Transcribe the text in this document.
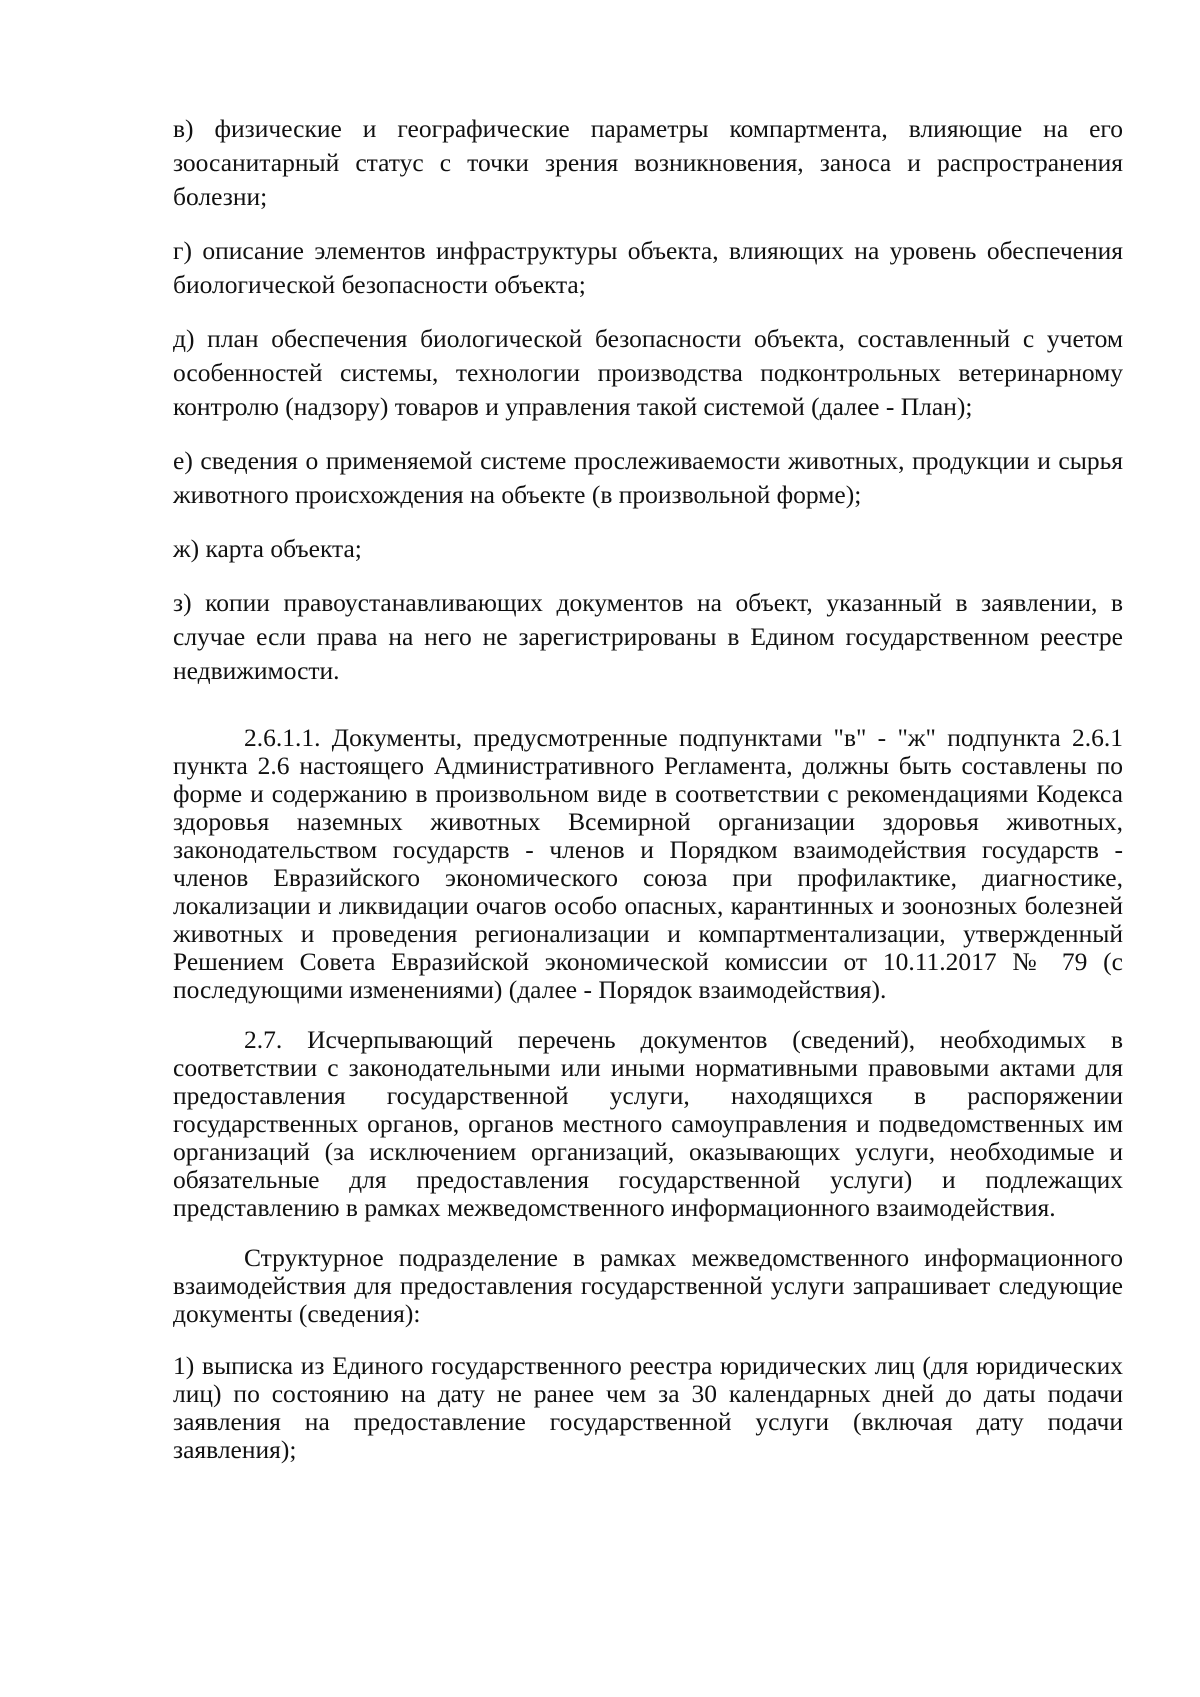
в) физические и географические параметры компартмента, влияющие на его зоосанитарный статус с точки зрения возникновения, заноса и распространения болезни;

г) описание элементов инфраструктуры объекта, влияющих на уровень обеспечения биологической безопасности объекта;

д) план обеспечения биологической безопасности объекта, составленный с учетом особенностей системы, технологии производства подконтрольных ветеринарному контролю (надзору) товаров и управления такой системой (далее - План);

е) сведения о применяемой системе прослеживаемости животных, продукции и сырья животного происхождения на объекте (в произвольной форме);

ж) карта объекта;

з) копии правоустанавливающих документов на объект, указанный в заявлении, в случае если права на него не зарегистрированы в Едином государственном реестре недвижимости.

2.6.1.1. Документы, предусмотренные подпунктами "в" - "ж" подпункта 2.6.1 пункта 2.6 настоящего Административного Регламента, должны быть составлены по форме и содержанию в произвольном виде в соответствии с рекомендациями Кодекса здоровья наземных животных Всемирной организации здоровья животных, законодательством государств - членов и Порядком взаимодействия государств - членов Евразийского экономического союза при профилактике, диагностике, локализации и ликвидации очагов особо опасных, карантинных и зоонозных болезней животных и проведения регионализации и компартментализации, утвержденный Решением Совета Евразийской экономической комиссии от 10.11.2017 № 79 (с последующими изменениями) (далее - Порядок взаимодействия).

2.7. Исчерпывающий перечень документов (сведений), необходимых в соответствии с законодательными или иными нормативными правовыми актами для предоставления государственной услуги, находящихся в распоряжении государственных органов, органов местного самоуправления и подведомственных им организаций (за исключением организаций, оказывающих услуги, необходимые и обязательные для предоставления государственной услуги) и подлежащих представлению в рамках межведомственного информационного взаимодействия.

Структурное подразделение в рамках межведомственного информационного взаимодействия для предоставления государственной услуги запрашивает следующие документы (сведения):

1) выписка из Единого государственного реестра юридических лиц (для юридических лиц) по состоянию на дату не ранее чем за 30 календарных дней до даты подачи заявления на предоставление государственной услуги (включая дату подачи заявления);
